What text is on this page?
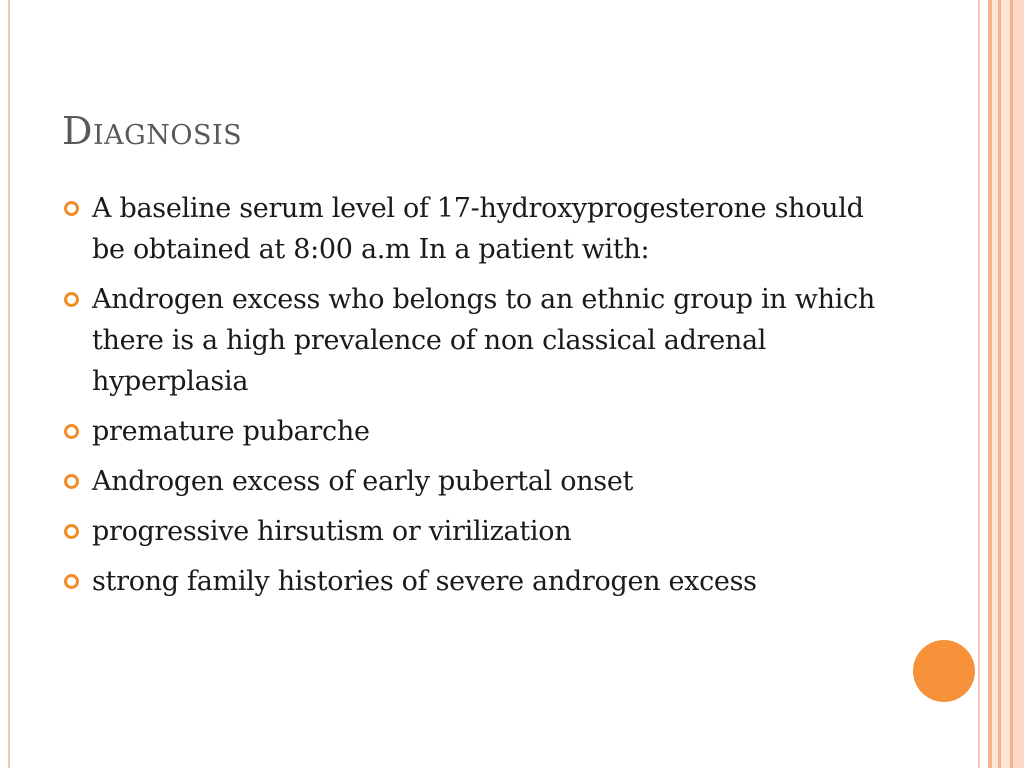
Diagnosis
A baseline serum level of 17-hydroxyprogesterone should be obtained at 8:00 a.m In a patient with:
Androgen excess who belongs to an ethnic group in which there is a high prevalence of non classical adrenal hyperplasia
premature pubarche
Androgen excess of early pubertal onset
progressive hirsutism or virilization
strong family histories of severe androgen excess
